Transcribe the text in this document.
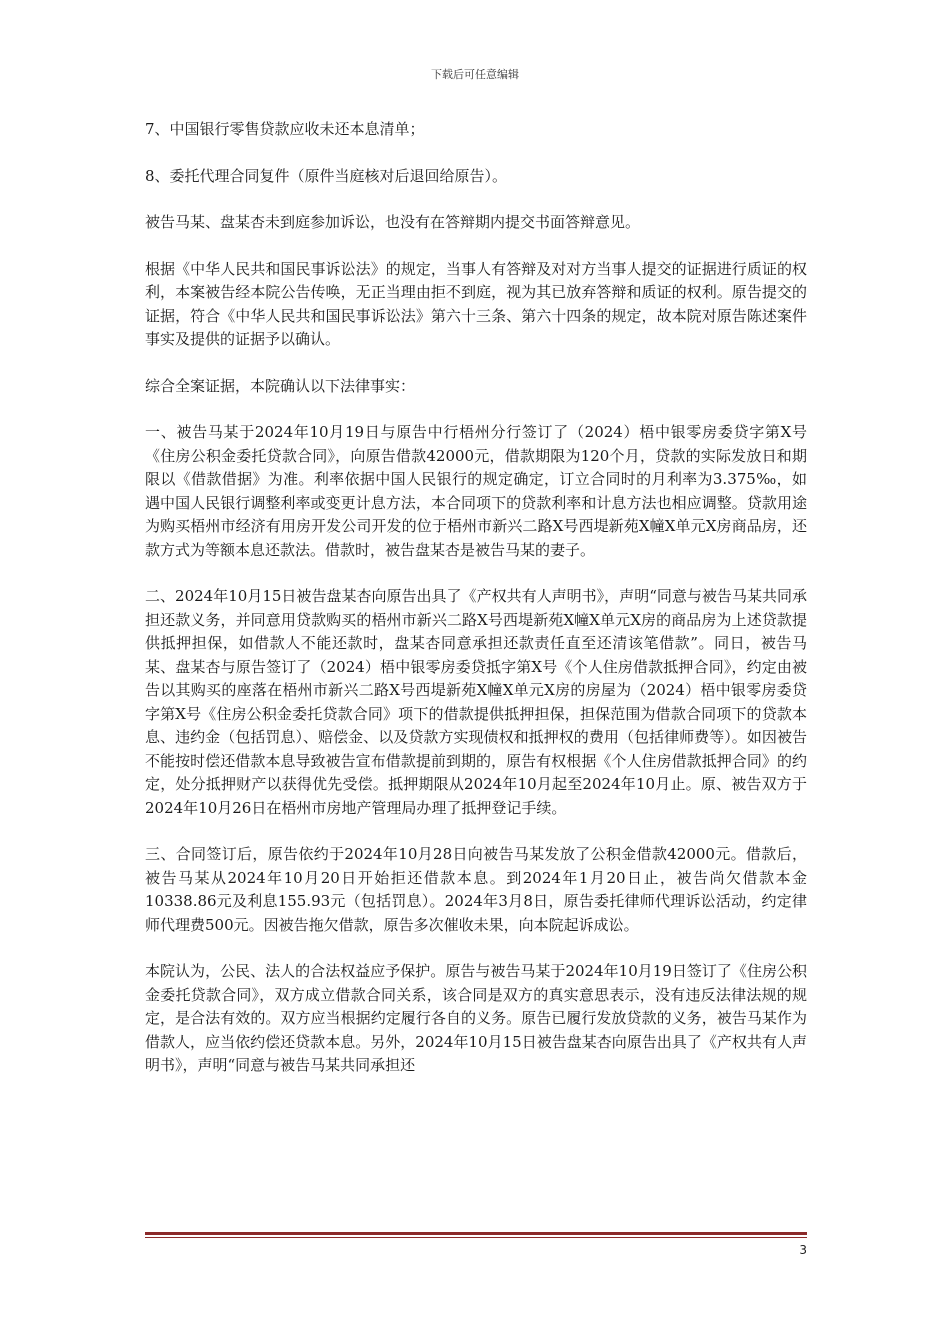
下载后可任意编辑

7、中国银行零售贷款应收未还本息清单；

8、委托代理合同复件（原件当庭核对后退回给原告）。

被告马某、盘某杏未到庭参加诉讼，也没有在答辩期内提交书面答辩意见。

根据《中华人民共和国民事诉讼法》的规定，当事人有答辩及对对方当事人提交的证据进行质证的权利，本案被告经本院公告传唤，无正当理由拒不到庭，视为其已放弃答辩和质证的权利。原告提交的证据，符合《中华人民共和国民事诉讼法》第六十三条、第六十四条的规定，故本院对原告陈述案件事实及提供的证据予以确认。

综合全案证据，本院确认以下法律事实：

一、被告马某于2024年10月19日与原告中行梧州分行签订了（2024）梧中银零房委贷字第X号《住房公积金委托贷款合同》，向原告借款42000元，借款期限为120个月，贷款的实际发放日和期限以《借款借据》为准。利率依据中国人民银行的规定确定，订立合同时的月利率为3.375‰，如遇中国人民银行调整利率或变更计息方法，本合同项下的贷款利率和计息方法也相应调整。贷款用途为购买梧州市经济有用房开发公司开发的位于梧州市新兴二路X号西堤新苑X幢X单元X房商品房，还款方式为等额本息还款法。借款时，被告盘某杏是被告马某的妻子。

二、2024年10月15日被告盘某杏向原告出具了《产权共有人声明书》，声明“同意与被告马某共同承担还款义务，并同意用贷款购买的梧州市新兴二路X号西堤新苑X幢X单元X房的商品房为上述贷款提供抵押担保，如借款人不能还款时，盘某杏同意承担还款责任直至还清该笔借款”。同日，被告马某、盘某杏与原告签订了（2024）梧中银零房委贷抵字第X号《个人住房借款抵押合同》，约定由被告以其购买的座落在梧州市新兴二路X号西堤新苑X幢X单元X房的房屋为（2024）梧中银零房委贷字第X号《住房公积金委托贷款合同》项下的借款提供抵押担保，担保范围为借款合同项下的贷款本息、违约金（包括罚息）、赔偿金、以及贷款方实现债权和抵押权的费用（包括律师费等）。如因被告不能按时偿还借款本息导致被告宣布借款提前到期的，原告有权根据《个人住房借款抵押合同》的约定，处分抵押财产以获得优先受偿。抵押期限从2024年10月起至2024年10月止。原、被告双方于2024年10月26日在梧州市房地产管理局办理了抵押登记手续。

三、合同签订后，原告依约于2024年10月28日向被告马某发放了公积金借款42000元。借款后，被告马某从2024年10月20日开始拒还借款本息。到2024年1月20日止，被告尚欠借款本金10338.86元及利息155.93元（包括罚息）。2024年3月8日，原告委托律师代理诉讼活动，约定律师代理费500元。因被告拖欠借款，原告多次催收未果，向本院起诉成讼。

本院认为，公民、法人的合法权益应予保护。原告与被告马某于2024年10月19日签订了《住房公积金委托贷款合同》，双方成立借款合同关系，该合同是双方的真实意思表示，没有违反法律法规的规定，是合法有效的。双方应当根据约定履行各自的义务。原告已履行发放贷款的义务，被告马某作为借款人，应当依约偿还贷款本息。另外，2024年10月15日被告盘某杏向原告出具了《产权共有人声明书》，声明“同意与被告马某共同承担还

3
